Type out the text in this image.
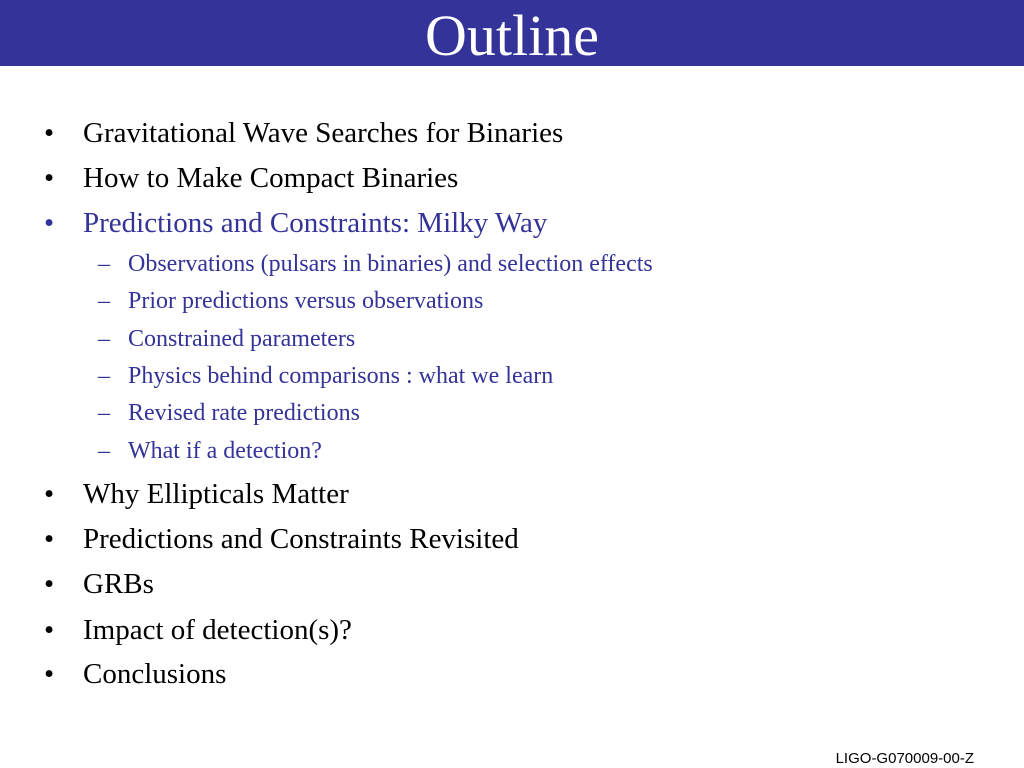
Outline
• Gravitational Wave Searches for Binaries
• How to Make Compact Binaries
• Predictions and Constraints: Milky Way
– Observations (pulsars in binaries) and selection effects
– Prior predictions versus observations
– Constrained parameters
– Physics behind comparisons : what we learn
– Revised rate predictions
– What if a detection?
• Why Ellipticals Matter
• Predictions and Constraints Revisited
• GRBs
• Impact of detection(s)?
• Conclusions
LIGO-G070009-00-Z
